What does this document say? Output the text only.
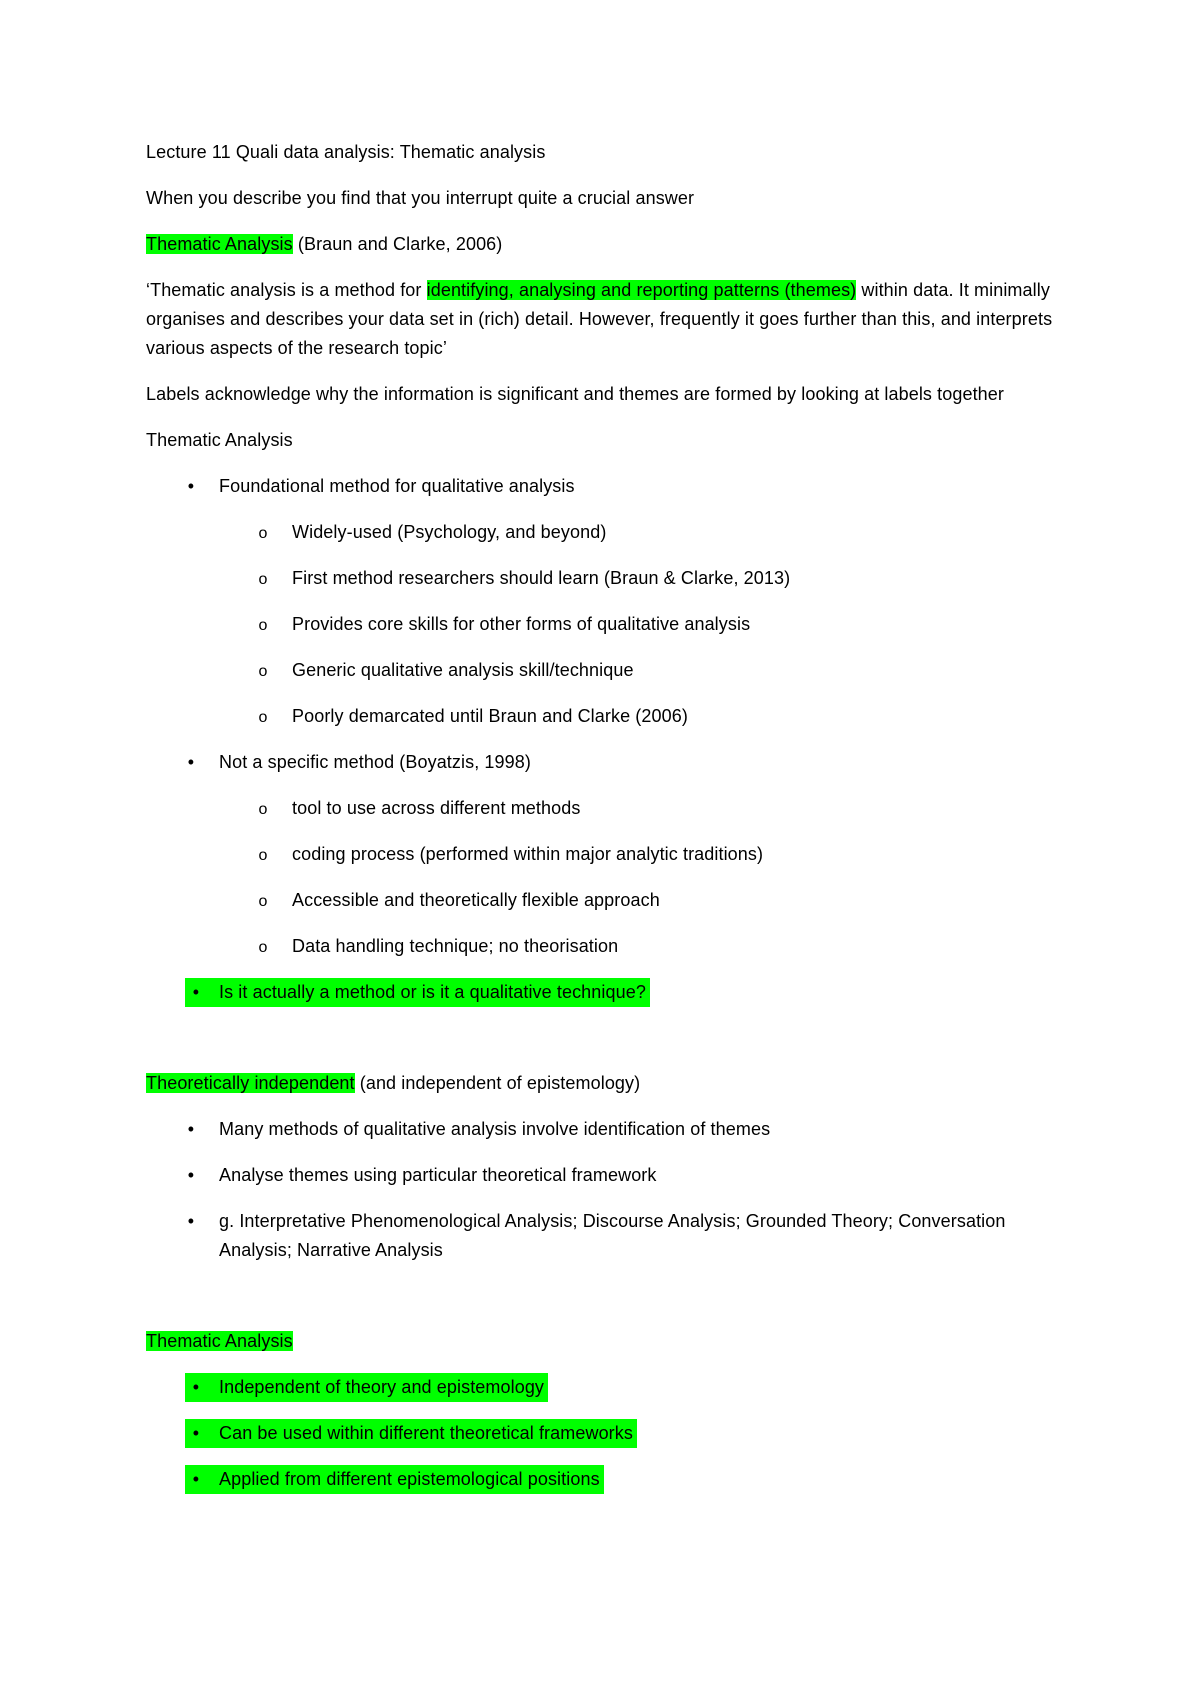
Lecture 11 Quali data analysis: Thematic analysis

When you describe you find that you interrupt quite a crucial answer

Thematic Analysis (Braun and Clarke, 2006)

‘Thematic analysis is a method for identifying, analysing and reporting patterns (themes) within data. It minimally organises and describes your data set in (rich) detail. However, frequently it goes further than this, and interprets various aspects of the research topic’

Labels acknowledge why the information is significant and themes are formed by looking at labels together

Thematic Analysis

• Foundational method for qualitative analysis
o Widely-used (Psychology, and beyond)
o First method researchers should learn (Braun & Clarke, 2013)
o Provides core skills for other forms of qualitative analysis
o Generic qualitative analysis skill/technique
o Poorly demarcated until Braun and Clarke (2006)
• Not a specific method (Boyatzis, 1998)
o tool to use across different methods
o coding process (performed within major analytic traditions)
o Accessible and theoretically flexible approach
o Data handling technique; no theorisation
• Is it actually a method or is it a qualitative technique?

Theoretically independent (and independent of epistemology)

• Many methods of qualitative analysis involve identification of themes
• Analyse themes using particular theoretical framework
• g. Interpretative Phenomenological Analysis; Discourse Analysis; Grounded Theory; Conversation Analysis; Narrative Analysis

Thematic Analysis

• Independent of theory and epistemology
• Can be used within different theoretical frameworks
• Applied from different epistemological positions
